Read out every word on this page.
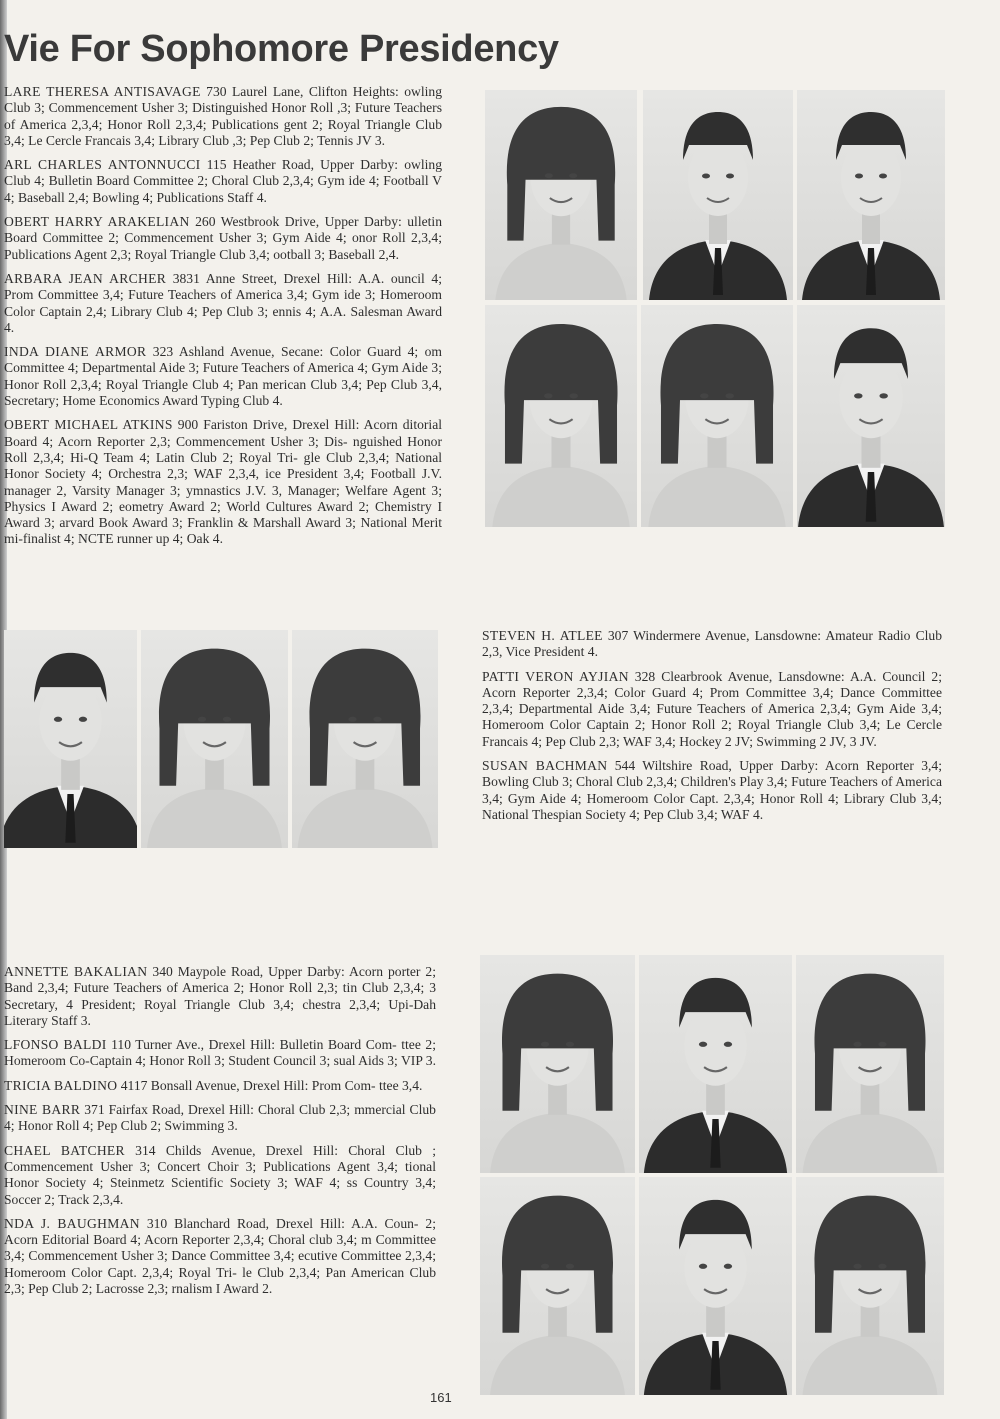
Vie For Sophomore Presidency

LARE THERESA ANTISAVAGE 730 Laurel Lane, Clifton Heights: owling Club 3; Commencement Usher 3; Distinguished Honor Roll ,3; Future Teachers of America 2,3,4; Honor Roll 2,3,4; Publications gent 2; Royal Triangle Club 3,4; Le Cercle Francais 3,4; Library Club ,3; Pep Club 2; Tennis JV 3.

ARL CHARLES ANTONNUCCI 115 Heather Road, Upper Darby: owling Club 4; Bulletin Board Committee 2; Choral Club 2,3,4; Gym ide 4; Football V 4; Baseball 2,4; Bowling 4; Publications Staff 4.

OBERT HARRY ARAKELIAN 260 Westbrook Drive, Upper Darby: ulletin Board Committee 2; Commencement Usher 3; Gym Aide 4; onor Roll 2,3,4; Publications Agent 2,3; Royal Triangle Club 3,4; ootball 3; Baseball 2,4.

ARBARA JEAN ARCHER 3831 Anne Street, Drexel Hill: A.A. ouncil 4; Prom Committee 3,4; Future Teachers of America 3,4; Gym ide 3; Homeroom Color Captain 2,4; Library Club 4; Pep Club 3; ennis 4; A.A. Salesman Award 4.

INDA DIANE ARMOR 323 Ashland Avenue, Secane: Color Guard 4; om Committee 4; Departmental Aide 3; Future Teachers of America 4; Gym Aide 3; Honor Roll 2,3,4; Royal Triangle Club 4; Pan merican Club 3,4; Pep Club 3,4, Secretary; Home Economics Award Typing Club 4.

OBERT MICHAEL ATKINS 900 Fariston Drive, Drexel Hill: Acorn ditorial Board 4; Acorn Reporter 2,3; Commencement Usher 3; Dis- nguished Honor Roll 2,3,4; Hi-Q Team 4; Latin Club 2; Royal Tri- gle Club 2,3,4; National Honor Society 4; Orchestra 2,3; WAF 2,3,4, ice President 3,4; Football J.V. manager 2, Varsity Manager 3; ymnastics J.V. 3, Manager; Welfare Agent 3; Physics I Award 2; eometry Award 2; World Cultures Award 2; Chemistry I Award 3; arvard Book Award 3; Franklin & Marshall Award 3; National Merit mi-finalist 4; NCTE runner up 4; Oak 4.

STEVEN H. ATLEE 307 Windermere Avenue, Lansdowne: Amateur Radio Club 2,3, Vice President 4.

PATTI VERON AYJIAN 328 Clearbrook Avenue, Lansdowne: A.A. Council 2; Acorn Reporter 2,3,4; Color Guard 4; Prom Committee 3,4; Dance Committee 2,3,4; Departmental Aide 3,4; Future Teachers of America 2,3,4; Gym Aide 3,4; Homeroom Color Captain 2; Honor Roll 2; Royal Triangle Club 3,4; Le Cercle Francais 4; Pep Club 2,3; WAF 3,4; Hockey 2 JV; Swimming 2 JV, 3 JV.

SUSAN BACHMAN 544 Wiltshire Road, Upper Darby: Acorn Reporter 3,4; Bowling Club 3; Choral Club 2,3,4; Children's Play 3,4; Future Teachers of America 3,4; Gym Aide 4; Homeroom Color Capt. 2,3,4; Honor Roll 4; Library Club 3,4; National Thespian Society 4; Pep Club 3,4; WAF 4.

ANNETTE BAKALIAN 340 Maypole Road, Upper Darby: Acorn porter 2; Band 2,3,4; Future Teachers of America 2; Honor Roll 2,3; tin Club 2,3,4; 3 Secretary, 4 President; Royal Triangle Club 3,4; chestra 2,3,4; Upi-Dah Literary Staff 3.

LFONSO BALDI 110 Turner Ave., Drexel Hill: Bulletin Board Com- ttee 2; Homeroom Co-Captain 4; Honor Roll 3; Student Council 3; sual Aids 3; VIP 3.

TRICIA BALDINO 4117 Bonsall Avenue, Drexel Hill: Prom Com- ttee 3,4.

NINE BARR 371 Fairfax Road, Drexel Hill: Choral Club 2,3; mmercial Club 4; Honor Roll 4; Pep Club 2; Swimming 3.

CHAEL BATCHER 314 Childs Avenue, Drexel Hill: Choral Club ; Commencement Usher 3; Concert Choir 3; Publications Agent 3,4; tional Honor Society 4; Steinmetz Scientific Society 3; WAF 4; ss Country 3,4; Soccer 2; Track 2,3,4.

NDA J. BAUGHMAN 310 Blanchard Road, Drexel Hill: A.A. Coun- 2; Acorn Editorial Board 4; Acorn Reporter 2,3,4; Choral club 3,4; m Committee 3,4; Commencement Usher 3; Dance Committee 3,4; ecutive Committee 2,3,4; Homeroom Color Capt. 2,3,4; Royal Tri- le Club 2,3,4; Pan American Club 2,3; Pep Club 2; Lacrosse 2,3; rnalism I Award 2.

161
